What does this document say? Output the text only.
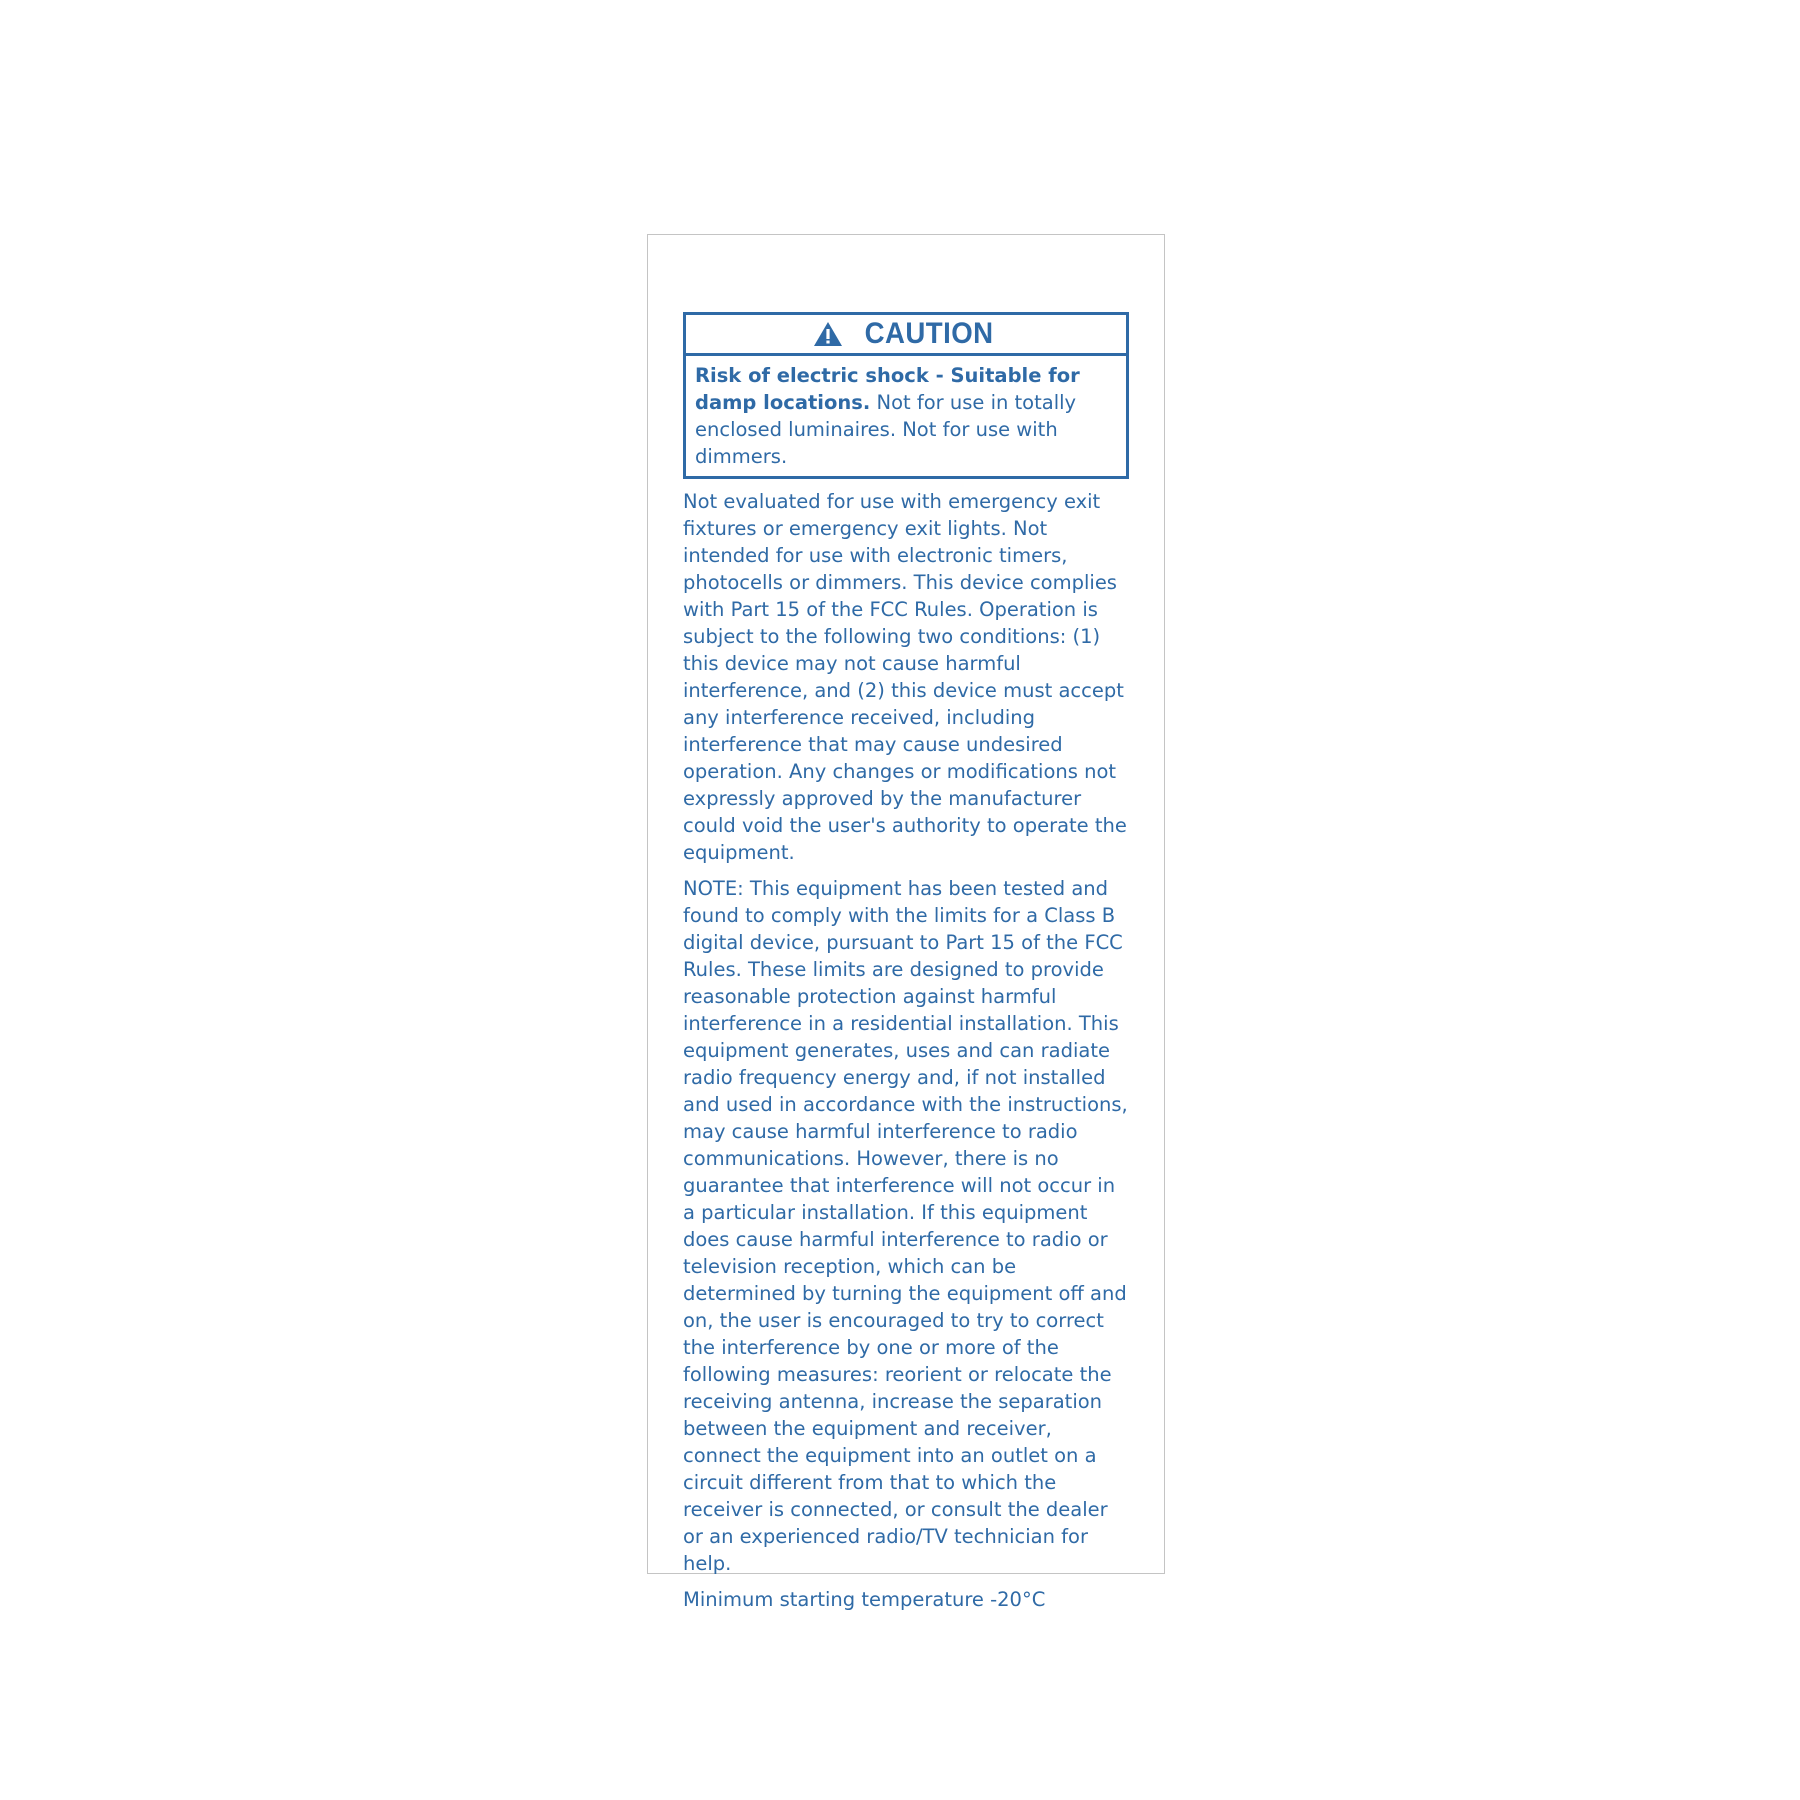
CAUTION
Risk of electric shock - Suitable for damp locations. Not for use in totally enclosed luminaires. Not for use with dimmers.

Not evaluated for use with emergency exit fixtures or emergency exit lights. Not intended for use with electronic timers, photocells or dimmers. This device complies with Part 15 of the FCC Rules. Operation is subject to the following two conditions: (1) this device may not cause harmful interference, and (2) this device must accept any interference received, including interference that may cause undesired operation. Any changes or modifications not expressly approved by the manufacturer could void the user's authority to operate the equipment.

NOTE: This equipment has been tested and found to comply with the limits for a Class B digital device, pursuant to Part 15 of the FCC Rules. These limits are designed to provide reasonable protection against harmful interference in a residential installation. This equipment generates, uses and can radiate radio frequency energy and, if not installed and used in accordance with the instructions, may cause harmful interference to radio communications. However, there is no guarantee that interference will not occur in a particular installation. If this equipment does cause harmful interference to radio or television reception, which can be determined by turning the equipment off and on, the user is encouraged to try to correct the interference by one or more of the following measures: reorient or relocate the receiving antenna, increase the separation between the equipment and receiver, connect the equipment into an outlet on a circuit different from that to which the receiver is connected, or consult the dealer or an experienced radio/TV technician for help.

Minimum starting temperature -20°C
